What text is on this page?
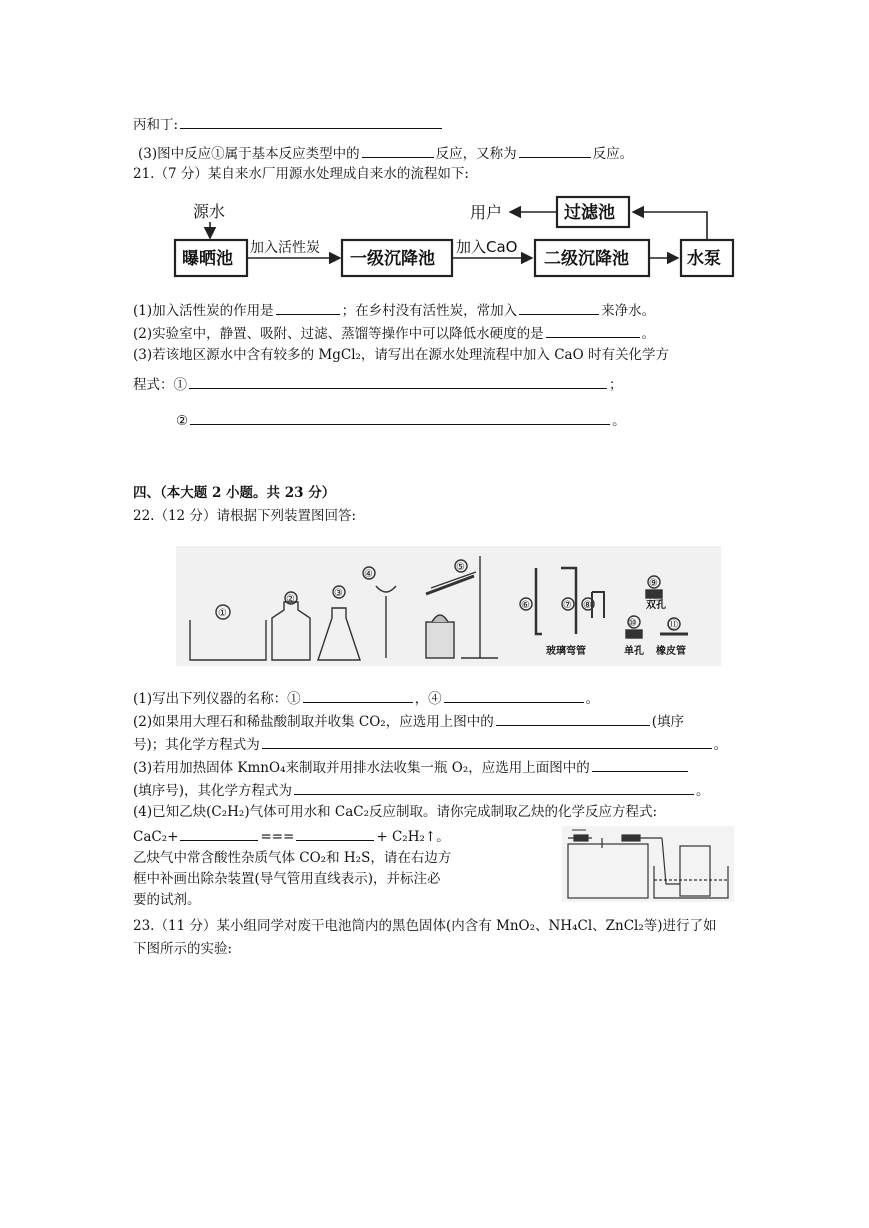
丙和丁:
(3)图中反应①属于基本反应类型中的	反应，又称为	反应。
21.（7 分）某自来水厂用源水处理成自来水的流程如下:
源水
曝晒池
加入活性炭
一级沉降池
加入CaO
二级沉降池	水泵
过滤池
用户
(1)加入活性炭的作用是	；在乡村没有活性炭，常加入	来净水。
(2)实验室中，静置、吸附、过滤、蒸馏等操作中可以降低水硬度的是	。
(3)若该地区源水中含有较多的 MgCl₂，请写出在源水处理流程中加入 CaO 时有关化学方
程式：①	；
②	。
四、（本大题 2 小题。共 23 分）
22.（12 分）请根据下列装置图回答:
①
②
③
④
⑤
⑥	⑦ ⑧
⑨
⑩	⑪
玻璃弯管
双孔
单孔 橡皮管
(1)写出下列仪器的名称：①	，④	。
(2)如果用大理石和稀盐酸制取并收集 CO₂，应选用上图中的	(填序
号)；其化学方程式为	。
(3)若用加热固体 KmnO₄来制取并用排水法收集一瓶 O₂，应选用上面图中的
(填序号)，其化学方程式为	。
(4)已知乙炔(C₂H₂)气体可用水和 CaC₂反应制取。请你完成制取乙炔的化学反应方程式:
CaC₂+	===	+ C₂H₂↑。
乙炔气中常含酸性杂质气体 CO₂和 H₂S，请在右边方
框中补画出除杂装置(导气管用直线表示)，并标注必
要的试剂。
23.（11 分）某小组同学对废干电池筒内的黑色固体(内含有 MnO₂、NH₄Cl、ZnCl₂等)进行了如
下图所示的实验:
